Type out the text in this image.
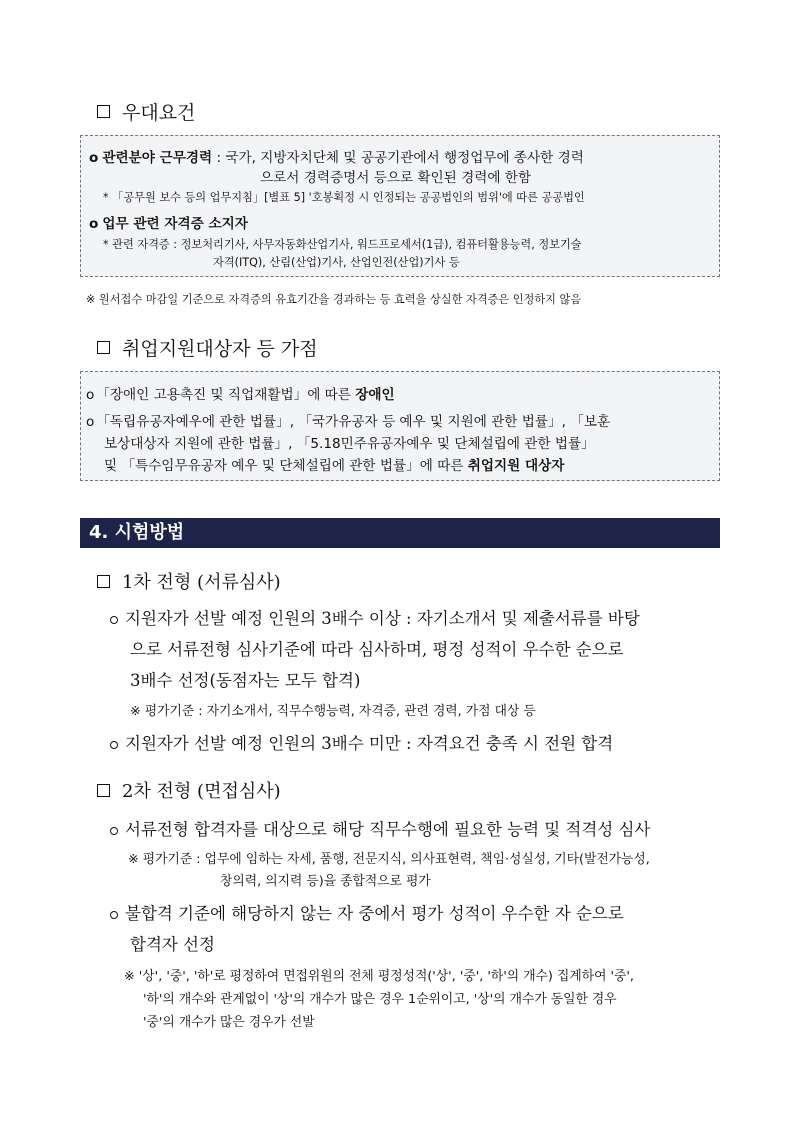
우대요건
o 관련분야 근무경력 : 국가, 지방자치단체 및 공공기관에서 행정업무에 종사한 경력
으로서 경력증명서 등으로 확인된 경력에 한함
* 「공무원 보수 등의 업무지침」[별표 5] '호봉획정 시 인정되는 공공법인의 범위'에 따른 공공법인
o 업무 관련 자격증 소지자
* 관련 자격증 : 정보처리기사, 사무자동화산업기사, 워드프로세서(1급), 컴퓨터활용능력, 정보기술
자격(ITQ), 산림(산업)기사, 산업인전(산업)기사 등
※ 원서접수 마감일 기준으로 자격증의 유효기간을 경과하는 등 효력을 상실한 자격증은 인정하지 않음
취업지원대상자 등 가점
o 「장애인 고용촉진 및 직업재활법」에 따른 장애인
o 「독립유공자예우에 관한 법률」, 「국가유공자 등 예우 및 지원에 관한 법률」, 「보훈
보상대상자 지원에 관한 법률」, 「5.18민주유공자예우 및 단체설립에 관한 법률」
및 「특수임무유공자 예우 및 단체설립에 관한 법률」에 따른 취업지원 대상자
4. 시험방법
1차 전형 (서류심사)
지원자가 선발 예정 인원의 3배수 이상 : 자기소개서 및 제출서류를 바탕
으로 서류전형 심사기준에 따라 심사하며, 평정 성적이 우수한 순으로
3배수 선정(동점자는 모두 합격)
※ 평가기준 : 자기소개서, 직무수행능력, 자격증, 관련 경력, 가점 대상 등
지원자가 선발 예정 인원의 3배수 미만 : 자격요건 충족 시 전원 합격
2차 전형 (면접심사)
서류전형 합격자를 대상으로 해당 직무수행에 필요한 능력 및 적격성 심사
※ 평가기준 : 업무에 임하는 자세, 품행, 전문지식, 의사표현력, 책임·성실성, 기타(발전가능성,
창의력, 의지력 등)을 종합적으로 평가
불합격 기준에 해당하지 않는 자 중에서 평가 성적이 우수한 자 순으로
합격자 선정
※ '상', '중', '하'로 평정하여 면접위원의 전체 평정성적('상', '중', '하'의 개수) 집계하여 '중',
'하'의 개수와 관계없이 '상'의 개수가 많은 경우 1순위이고, '상'의 개수가 동일한 경우
'중'의 개수가 많은 경우가 선발
